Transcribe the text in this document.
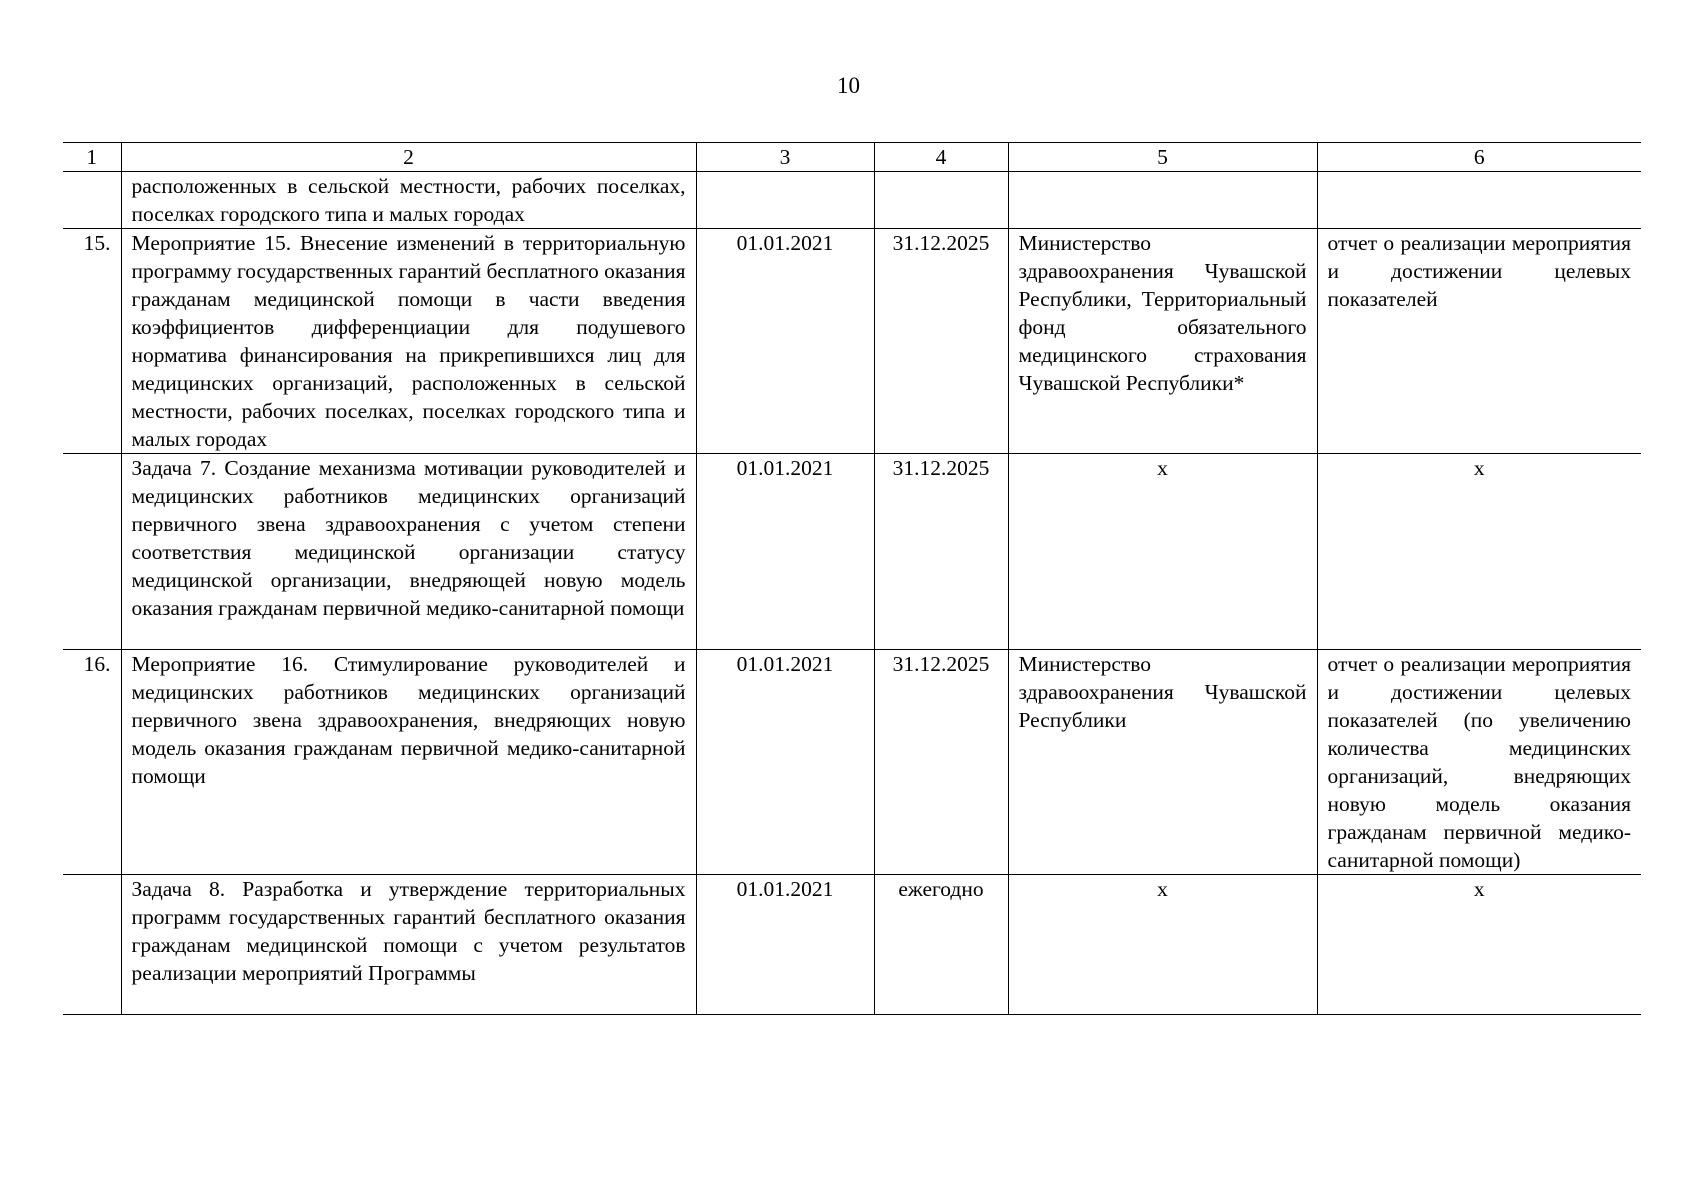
10
1	2	3	4	5	6
	расположенных в сельской местности, рабочих поселках, поселках городского типа и малых городах				
15.	Мероприятие 15. Внесение изменений в территориальную программу государственных гарантий бесплатного оказания гражданам медицинской помощи в части введения коэффициентов дифференциации для подушевого норматива финансирования на прикрепившихся лиц для медицинских организаций, расположенных в сельской местности, рабочих поселках, поселках городского типа и малых городах	01.01.2021	31.12.2025	Министерство здравоохранения Чувашской Республики, Территориальный фонд обязательного медицинского страхования Чувашской Республики*	отчет о реализации мероприятия и достижении целевых показателей
	Задача 7. Создание механизма мотивации руководителей и медицинских работников медицинских организаций первичного звена здравоохранения с учетом степени соответствия медицинской организации статусу медицинской организации, внедряющей новую модель оказания гражданам первичной медико-санитарной помощи	01.01.2021	31.12.2025	х	х
16.	Мероприятие 16. Стимулирование руководителей и медицинских работников медицинских организаций первичного звена здравоохранения, внедряющих новую модель оказания гражданам первичной медико-санитарной помощи	01.01.2021	31.12.2025	Министерство здравоохранения Чувашской Республики	отчет о реализации мероприятия и достижении целевых показателей (по увеличению количества медицинских организаций, внедряющих новую модель оказания гражданам первичной медико-санитарной помощи)
	Задача 8. Разработка и утверждение территориальных программ государственных гарантий бесплатного оказания гражданам медицинской помощи с учетом результатов реализации мероприятий Программы	01.01.2021	ежегодно	х	х
